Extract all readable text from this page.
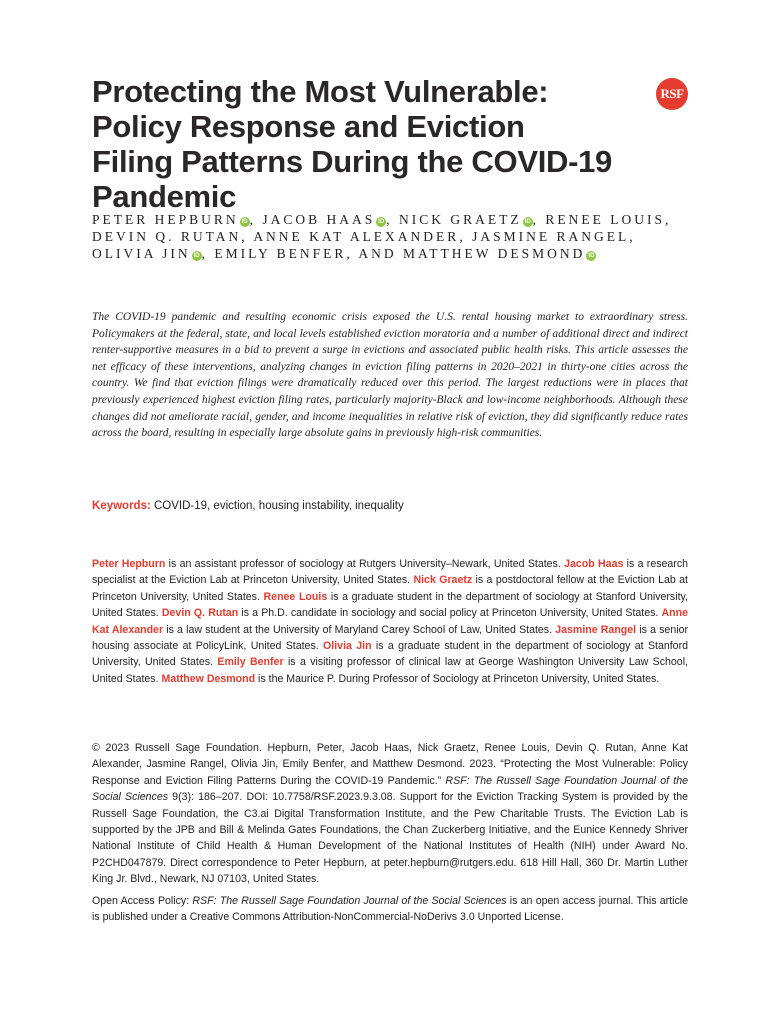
Protecting the Most Vulnerable: Policy Response and Eviction Filing Patterns During the COVID-19 Pandemic
RSF
PETER HEPBURN ID , JACOB HAAS ID , NICK GRAETZ ID , RENEE LOUIS, DEVIN Q. RUTAN, ANNE KAT ALEXANDER, JASMINE RANGEL, OLIVIA JIN ID , EMILY BENFER, AND MATTHEW DESMOND ID

The COVID-19 pandemic and resulting economic crisis exposed the U.S. rental housing market to extraordinary stress. Policymakers at the federal, state, and local levels established eviction moratoria and a number of additional direct and indirect renter-supportive measures in a bid to prevent a surge in evictions and associated public health risks. This article assesses the net efficacy of these interventions, analyzing changes in eviction filing patterns in 2020–2021 in thirty-one cities across the country. We find that eviction filings were dramatically reduced over this period. The largest reductions were in places that previously experienced highest eviction filing rates, particularly majority-Black and low-income neighborhoods. Although these changes did not ameliorate racial, gender, and income inequalities in relative risk of eviction, they did significantly reduce rates across the board, resulting in especially large absolute gains in previously high-risk communities.

Keywords: COVID-19, eviction, housing instability, inequality

Peter Hepburn is an assistant professor of sociology at Rutgers University–Newark, United States. Jacob Haas is a research specialist at the Eviction Lab at Princeton University, United States. Nick Graetz is a postdoctoral fellow at the Eviction Lab at Princeton University, United States. Renee Louis is a graduate student in the department of sociology at Stanford University, United States. Devin Q. Rutan is a Ph.D. candidate in sociology and social policy at Princeton University, United States. Anne Kat Alexander is a law student at the University of Maryland Carey School of Law, United States. Jasmine Rangel is a senior housing associate at PolicyLink, United States. Olivia Jin is a graduate student in the department of sociology at Stanford University, United States. Emily Benfer is a visiting professor of clinical law at George Washington University Law School, United States. Matthew Desmond is the Maurice P. During Professor of Sociology at Princeton University, United States.

© 2023 Russell Sage Foundation. Hepburn, Peter, Jacob Haas, Nick Graetz, Renee Louis, Devin Q. Rutan, Anne Kat Alexander, Jasmine Rangel, Olivia Jin, Emily Benfer, and Matthew Desmond. 2023. “Protecting the Most Vulnerable: Policy Response and Eviction Filing Patterns During the COVID-19 Pandemic.” RSF: The Russell Sage Foundation Journal of the Social Sciences 9(3): 186–207. DOI: 10.7758/RSF.2023.9.3.08. Support for the Eviction Tracking System is provided by the Russell Sage Foundation, the C3.ai Digital Transformation Institute, and the Pew Charitable Trusts. The Eviction Lab is supported by the JPB and Bill & Melinda Gates Foundations, the Chan Zuckerberg Initiative, and the Eunice Kennedy Shriver National Institute of Child Health & Human Development of the National Institutes of Health (NIH) under Award No. P2CHD047879. Direct correspondence to Peter Hepburn, at peter.hepburn@rutgers.edu. 618 Hill Hall, 360 Dr. Martin Luther King Jr. Blvd., Newark, NJ 07103, United States.

Open Access Policy: RSF: The Russell Sage Foundation Journal of the Social Sciences is an open access journal. This article is published under a Creative Commons Attribution-NonCommercial-NoDerivs 3.0 Unported License.
